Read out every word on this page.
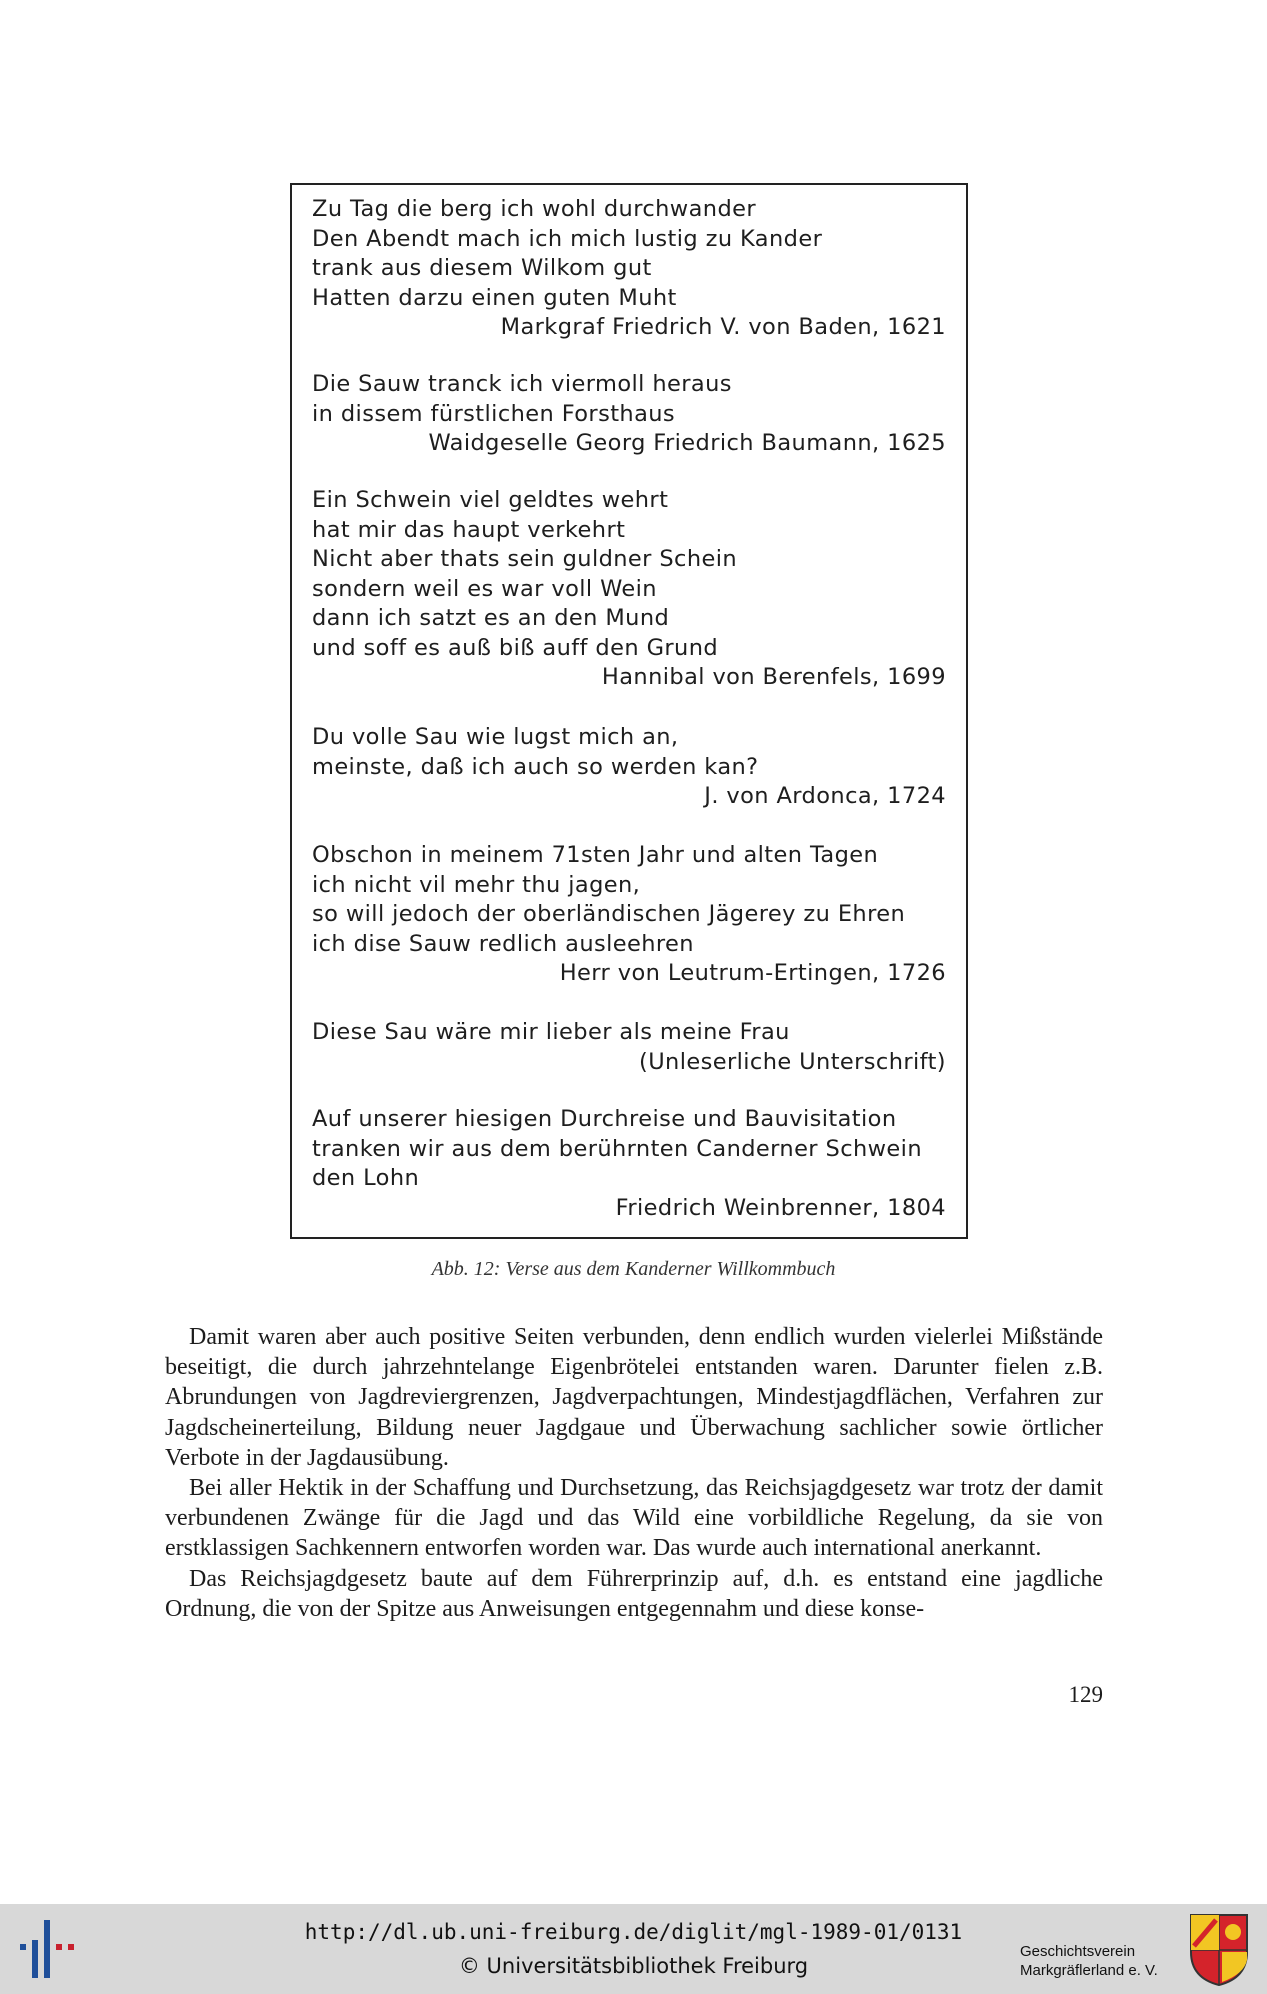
Zu Tag die berg ich wohl durchwander
Den Abendt mach ich mich lustig zu Kander
trank aus diesem Wilkom gut
Hatten darzu einen guten Muht
Markgraf Friedrich V. von Baden, 1621
Die Sauw tranck ich viermoll heraus
in dissem fürstlichen Forsthaus
Waidgeselle Georg Friedrich Baumann, 1625
Ein Schwein viel geldtes wehrt
hat mir das haupt verkehrt
Nicht aber thats sein guldner Schein
sondern weil es war voll Wein
dann ich satzt es an den Mund
und soff es auß biß auff den Grund
Hannibal von Berenfels, 1699
Du volle Sau wie lugst mich an,
meinste, daß ich auch so werden kan?
J. von Ardonca, 1724
Obschon in meinem 71sten Jahr und alten Tagen
ich nicht vil mehr thu jagen,
so will jedoch der oberländischen Jägerey zu Ehren
ich dise Sauw redlich ausleehren
Herr von Leutrum-Ertingen, 1726
Diese Sau wäre mir lieber als meine Frau
(Unleserliche Unterschrift)
Auf unserer hiesigen Durchreise und Bauvisitation
tranken wir aus dem berührnten Canderner Schwein
den Lohn
Friedrich Weinbrenner, 1804
Abb. 12: Verse aus dem Kanderner Willkommbuch

Damit waren aber auch positive Seiten verbunden, denn endlich wurden vielerlei Mißstände beseitigt, die durch jahrzehntelange Eigenbrötelei entstanden waren. Darunter fielen z.B. Abrundungen von Jagdreviergrenzen, Jagdverpachtungen, Mindestjagdflächen, Verfahren zur Jagdscheinerteilung, Bildung neuer Jagdgaue und Überwachung sachlicher sowie örtlicher Verbote in der Jagdausübung.

Bei aller Hektik in der Schaffung und Durchsetzung, das Reichsjagdgesetz war trotz der damit verbundenen Zwänge für die Jagd und das Wild eine vorbildliche Regelung, da sie von erstklassigen Sachkennern entworfen worden war. Das wurde auch international anerkannt.

Das Reichsjagdgesetz baute auf dem Führerprinzip auf, d.h. es entstand eine jagdliche Ordnung, die von der Spitze aus Anweisungen entgegennahm und diese konse-

129
http://dl.ub.uni-freiburg.de/diglit/mgl-1989-01/0131
© Universitätsbibliothek Freiburg
Geschichtsverein
Markgräflerland e. V.
